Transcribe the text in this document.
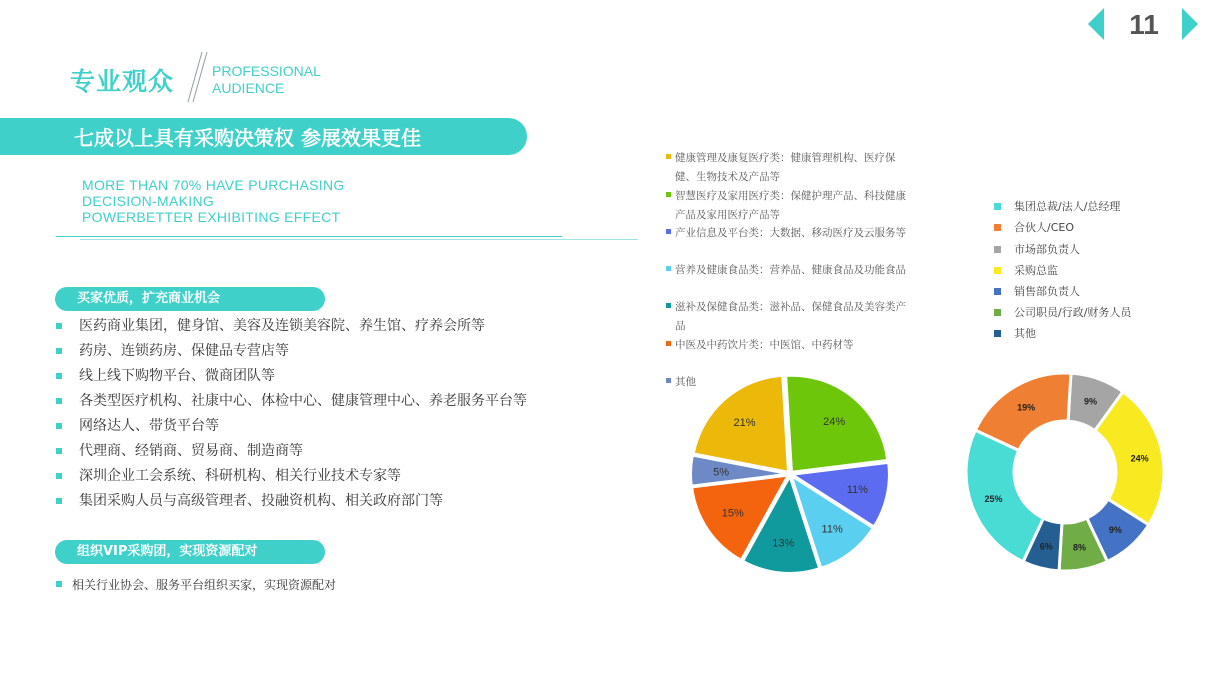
11
专业观众	PROFESSIONAL
AUDIENCE
七成以上具有采购决策权 参展效果更佳
MORE THAN 70% HAVE PURCHASING
DECISION-MAKING
POWERBETTER EXHIBITING EFFECT
买家优质，扩充商业机会
医药商业集团，健身馆、美容及连锁美容院、养生馆、疗养会所等
药房、连锁药房、保健品专营店等
线上线下购物平台、微商团队等
各类型医疗机构、社康中心、体检中心、健康管理中心、养老服务平台等
网络达人、带货平台等
代理商、经销商、贸易商、制造商等
深圳企业工会系统、科研机构、相关行业技术专家等
集团采购人员与高级管理者、投融资机构、相关政府部门等
组织VIP采购团，实现资源配对
相关行业协会、服务平台组织买家，实现资源配对
健康管理及康复医疗类：健康管理机构、医疗保
健、生物技术及产品等
智慧医疗及家用医疗类：保健护理产品、科技健康
产品及家用医疗产品等
产业信息及平台类：大数据、移动医疗及云服务等
营养及健康食品类：营养品、健康食品及功能食品
滋补及保健食品类：滋补品、保健食品及美容类产
品
中医及中药饮片类：中医馆、中药材等
其他
集团总裁/法人/总经理
合伙人/CEO
市场部负责人
采购总监
销售部负责人
公司职员/行政/财务人员
其他
24%
11%
11%
13%
15%
5%
21%
9%
24%
9%
8%
6%
25%
19%
